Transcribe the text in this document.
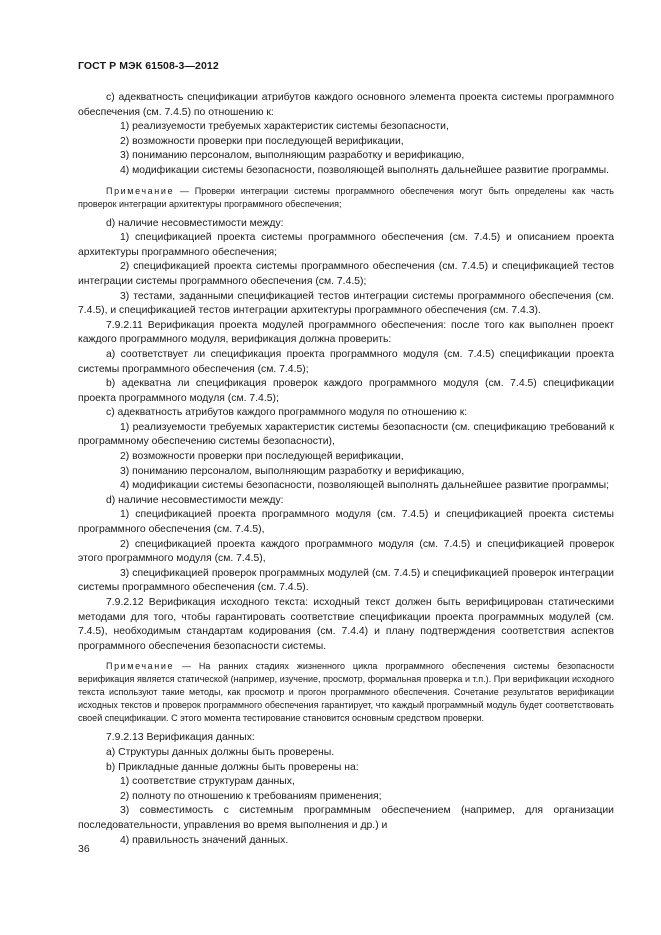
ГОСТ Р МЭК 61508-3—2012

с) адекватность спецификации атрибутов каждого основного элемента проекта системы программного обеспечения (см. 7.4.5) по отношению к:

1) реализуемости требуемых характеристик системы безопасности,

2) возможности проверки при последующей верификации,

3) пониманию персоналом, выполняющим разработку и верификацию,

4) модификации системы безопасности, позволяющей выполнять дальнейшее развитие программы.

Примечание — Проверки интеграции системы программного обеспечения могут быть определены как часть проверок интеграции архитектуры программного обеспечения;

d) наличие несовместимости между:

1) спецификацией проекта системы программного обеспечения (см. 7.4.5) и описанием проекта архитектуры программного обеспечения;

2) спецификацией проекта системы программного обеспечения (см. 7.4.5) и спецификацией тестов интеграции системы программного обеспечения (см. 7.4.5);

3) тестами, заданными спецификацией тестов интеграции системы программного обеспечения (см. 7.4.5), и спецификацией тестов интеграции архитектуры программного обеспечения (см. 7.4.3).

7.9.2.11 Верификация проекта модулей программного обеспечения: после того как выполнен проект каждого программного модуля, верификация должна проверить:

а) соответствует ли спецификация проекта программного модуля (см. 7.4.5) спецификации проекта системы программного обеспечения (см. 7.4.5);

b) адекватна ли спецификация проверок каждого программного модуля (см. 7.4.5) спецификации проекта программного модуля (см. 7.4.5);

с) адекватность атрибутов каждого программного модуля по отношению к:

1) реализуемости требуемых характеристик системы безопасности (см. спецификацию требований к программному обеспечению системы безопасности),

2) возможности проверки при последующей верификации,

3) пониманию персоналом, выполняющим разработку и верификацию,

4) модификации системы безопасности, позволяющей выполнять дальнейшее развитие программы;

d) наличие несовместимости между:

1) спецификацией проекта программного модуля (см. 7.4.5) и спецификацией проекта системы программного обеспечения (см. 7.4.5),

2) спецификацией проекта каждого программного модуля (см. 7.4.5) и спецификацией проверок этого программного модуля (см. 7.4.5),

3) спецификацией проверок программных модулей (см. 7.4.5) и спецификацией проверок интеграции системы программного обеспечения (см. 7.4.5).

7.9.2.12 Верификация исходного текста: исходный текст должен быть верифицирован статическими методами для того, чтобы гарантировать соответствие спецификации проекта программных модулей (см. 7.4.5), необходимым стандартам кодирования (см. 7.4.4) и плану подтверждения соответствия аспектов программного обеспечения безопасности системы.

Примечание — На ранних стадиях жизненного цикла программного обеспечения системы безопасности верификация является статической (например, изучение, просмотр, формальная проверка и т.п.). При верификации исходного текста используют такие методы, как просмотр и прогон программного обеспечения. Сочетание результатов верификации исходных текстов и проверок программного обеспечения гарантирует, что каждый программный модуль будет соответствовать своей спецификации. С этого момента тестирование становится основным средством проверки.

7.9.2.13 Верификация данных:

а) Структуры данных должны быть проверены.

b) Прикладные данные должны быть проверены на:

1) соответствие структурам данных,

2) полноту по отношению к требованиям применения;

3) совместимость с системным программным обеспечением (например, для организации последовательности, управления во время выполнения и др.) и

4) правильность значений данных.

36
